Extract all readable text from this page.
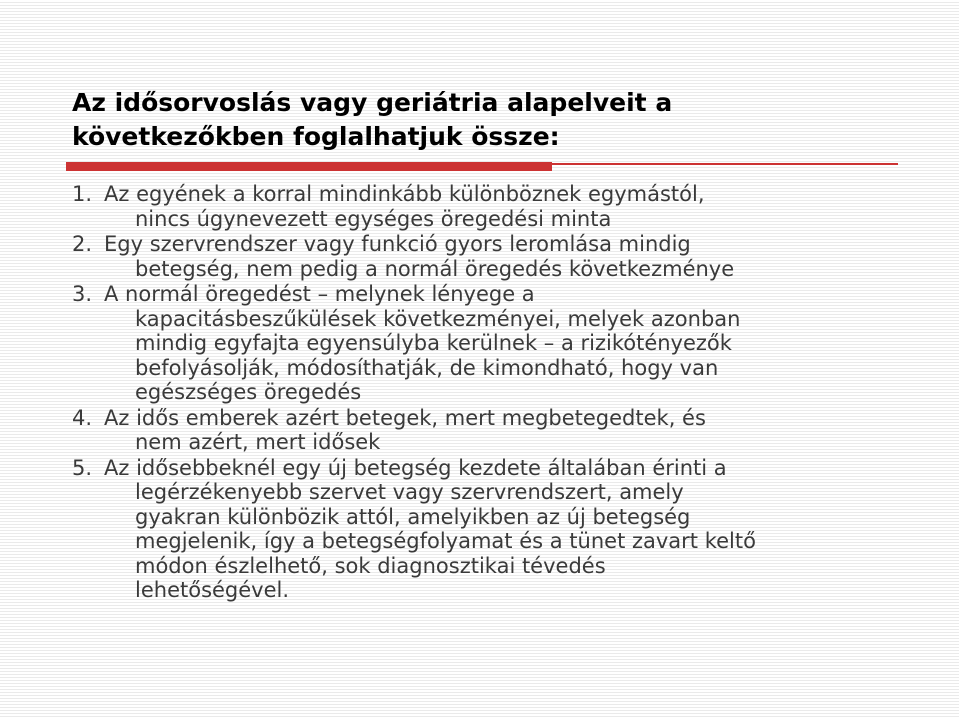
Az idősorvoslás vagy geriátria alapelveit a
következőkben foglalhatjuk össze:
1. Az egyének a korral mindinkább különböznek egymástól,
nincs úgynevezett egységes öregedési minta
2. Egy szervrendszer vagy funkció gyors leromlása mindig
betegség, nem pedig a normál öregedés következménye
3. A normál öregedést – melynek lényege a
kapacitásbeszűkülések következményei, melyek azonban
mindig egyfajta egyensúlyba kerülnek – a rizikótényezők
befolyásolják, módosíthatják, de kimondható, hogy van
egészséges öregedés
4. Az idős emberek azért betegek, mert megbetegedtek, és
nem azért, mert idősek
5. Az idősebbeknél egy új betegség kezdete általában érinti a
legérzékenyebb szervet vagy szervrendszert, amely
gyakran különbözik attól, amelyikben az új betegség
megjelenik, így a betegségfolyamat és a tünet zavart keltő
módon észlelhető, sok diagnosztikai tévedés
lehetőségével.
